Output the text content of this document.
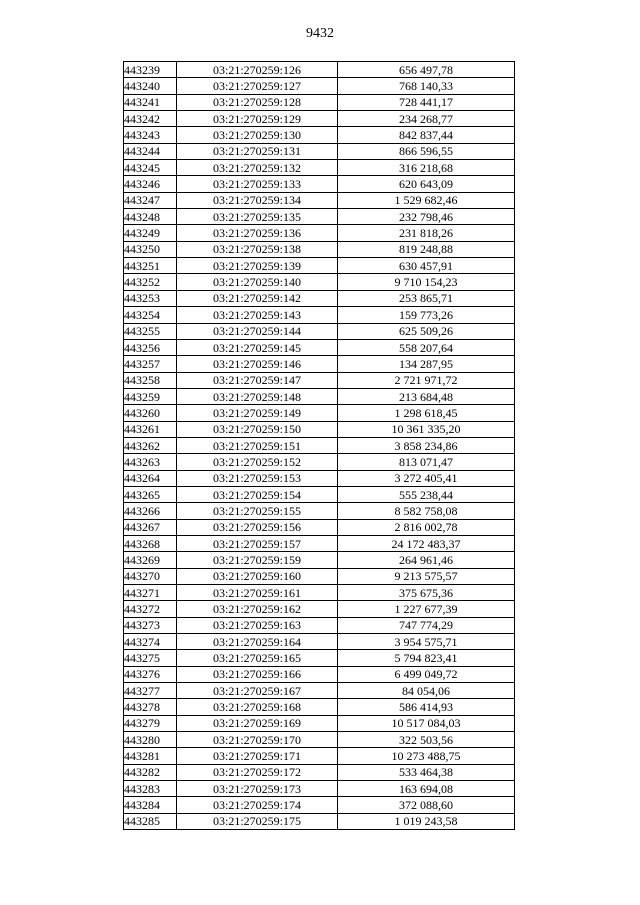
9432
443239	03:21:270259:126	656 497,78
443240	03:21:270259:127	768 140,33
443241	03:21:270259:128	728 441,17
443242	03:21:270259:129	234 268,77
443243	03:21:270259:130	842 837,44
443244	03:21:270259:131	866 596,55
443245	03:21:270259:132	316 218,68
443246	03:21:270259:133	620 643,09
443247	03:21:270259:134	1 529 682,46
443248	03:21:270259:135	232 798,46
443249	03:21:270259:136	231 818,26
443250	03:21:270259:138	819 248,88
443251	03:21:270259:139	630 457,91
443252	03:21:270259:140	9 710 154,23
443253	03:21:270259:142	253 865,71
443254	03:21:270259:143	159 773,26
443255	03:21:270259:144	625 509,26
443256	03:21:270259:145	558 207,64
443257	03:21:270259:146	134 287,95
443258	03:21:270259:147	2 721 971,72
443259	03:21:270259:148	213 684,48
443260	03:21:270259:149	1 298 618,45
443261	03:21:270259:150	10 361 335,20
443262	03:21:270259:151	3 858 234,86
443263	03:21:270259:152	813 071,47
443264	03:21:270259:153	3 272 405,41
443265	03:21:270259:154	555 238,44
443266	03:21:270259:155	8 582 758,08
443267	03:21:270259:156	2 816 002,78
443268	03:21:270259:157	24 172 483,37
443269	03:21:270259:159	264 961,46
443270	03:21:270259:160	9 213 575,57
443271	03:21:270259:161	375 675,36
443272	03:21:270259:162	1 227 677,39
443273	03:21:270259:163	747 774,29
443274	03:21:270259:164	3 954 575,71
443275	03:21:270259:165	5 794 823,41
443276	03:21:270259:166	6 499 049,72
443277	03:21:270259:167	84 054,06
443278	03:21:270259:168	586 414,93
443279	03:21:270259:169	10 517 084,03
443280	03:21:270259:170	322 503,56
443281	03:21:270259:171	10 273 488,75
443282	03:21:270259:172	533 464,38
443283	03:21:270259:173	163 694,08
443284	03:21:270259:174	372 088,60
443285	03:21:270259:175	1 019 243,58
